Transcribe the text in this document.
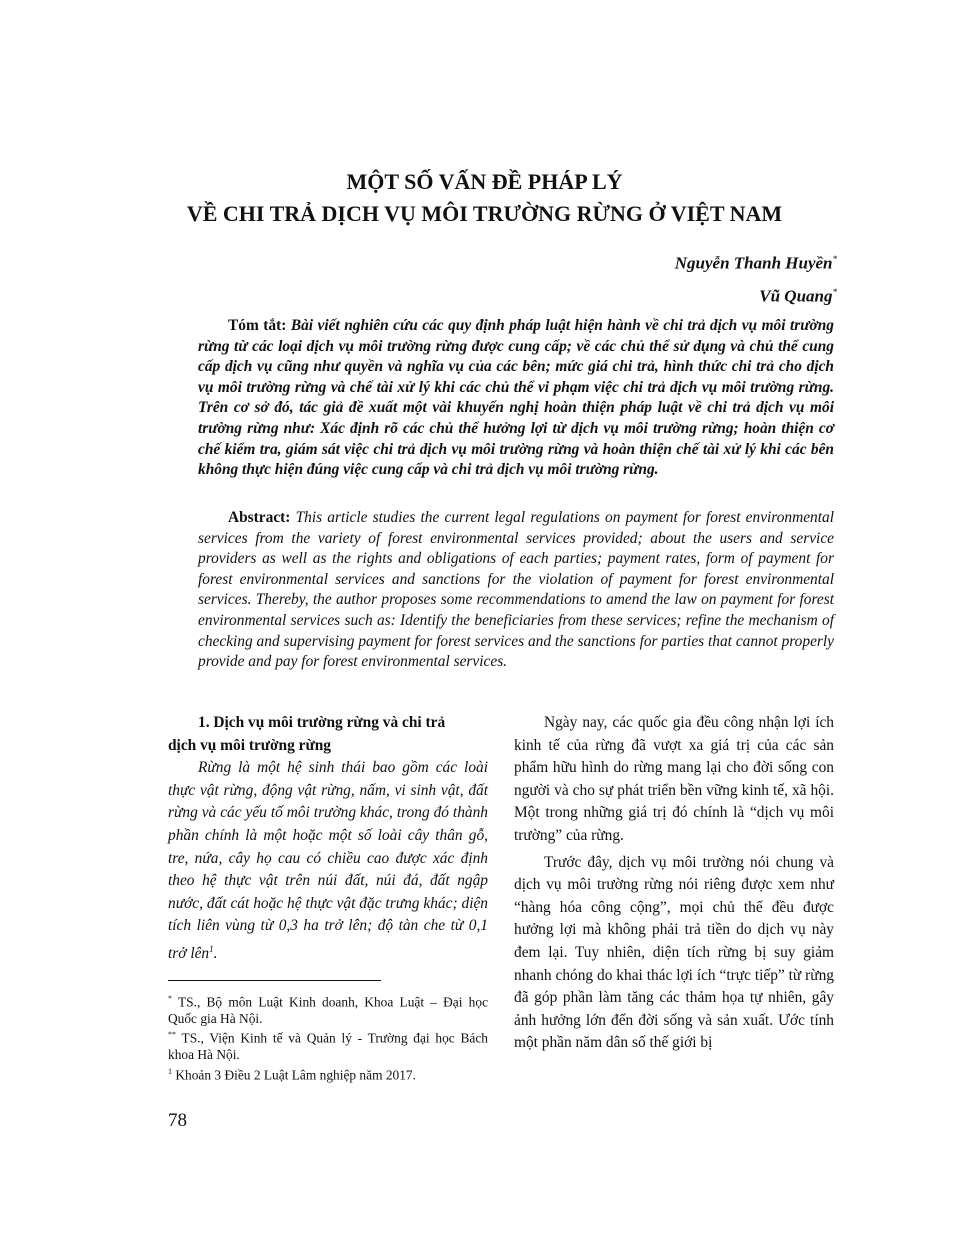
MỘT SỐ VẤN ĐỀ PHÁP LÝ
VỀ CHI TRẢ DỊCH VỤ MÔI TRƯỜNG RỪNG Ở VIỆT NAM
Nguyễn Thanh Huyền*
Vũ Quang*

Tóm tắt: Bài viết nghiên cứu các quy định pháp luật hiện hành về chi trả dịch vụ môi trường rừng từ các loại dịch vụ môi trường rừng được cung cấp; về các chủ thể sử dụng và chủ thể cung cấp dịch vụ cũng như quyền và nghĩa vụ của các bên; mức giá chi trả, hình thức chi trả cho dịch vụ môi trường rừng và chế tài xử lý khi các chủ thể vi phạm việc chi trả dịch vụ môi trường rừng. Trên cơ sở đó, tác giả đề xuất một vài khuyến nghị hoàn thiện pháp luật về chi trả dịch vụ môi trường rừng như: Xác định rõ các chủ thể hưởng lợi từ dịch vụ môi trường rừng; hoàn thiện cơ chế kiểm tra, giám sát việc chi trả dịch vụ môi trường rừng và hoàn thiện chế tài xử lý khi các bên không thực hiện đúng việc cung cấp và chi trả dịch vụ môi trường rừng.

Abstract: This article studies the current legal regulations on payment for forest environmental services from the variety of forest environmental services provided; about the users and service providers as well as the rights and obligations of each parties; payment rates, form of payment for forest environmental services and sanctions for the violation of payment for forest environmental services. Thereby, the author proposes some recommendations to amend the law on payment for forest environmental services such as: Identify the beneficiaries from these services; refine the mechanism of checking and supervising payment for forest services and the sanctions for parties that cannot properly provide and pay for forest environmental services.

1. Dịch vụ môi trường rừng và chi trả
dịch vụ môi trường rừng

Rừng là một hệ sinh thái bao gồm các loài thực vật rừng, động vật rừng, nấm, vi sinh vật, đất rừng và các yếu tố môi trường khác, trong đó thành phần chính là một hoặc một số loài cây thân gỗ, tre, nứa, cây họ cau có chiều cao được xác định theo hệ thực vật trên núi đất, núi đá, đất ngập nước, đất cát hoặc hệ thực vật đặc trưng khác; diện tích liên vùng từ 0,3 ha trở lên; độ tàn che từ 0,1 trở lên$^1$.

* TS., Bộ môn Luật Kinh doanh, Khoa Luật – Đại học Quốc gia Hà Nội.

** TS., Viện Kinh tế và Quản lý - Trường đại học Bách khoa Hà Nội.

$^1$ Khoản 3 Điều 2 Luật Lâm nghiệp năm 2017.

Ngày nay, các quốc gia đều công nhận lợi ích kinh tế của rừng đã vượt xa giá trị của các sản phẩm hữu hình do rừng mang lại cho đời sống con người và cho sự phát triển bền vững kinh tế, xã hội. Một trong những giá trị đó chính là “dịch vụ môi trường” của rừng.

Trước đây, dịch vụ môi trường nói chung và dịch vụ môi trường rừng nói riêng được xem như “hàng hóa công cộng”, mọi chủ thể đều được hưởng lợi mà không phải trả tiền do dịch vụ này đem lại. Tuy nhiên, diện tích rừng bị suy giảm nhanh chóng do khai thác lợi ích “trực tiếp” từ rừng đã góp phần làm tăng các thảm họa tự nhiên, gây ảnh hưởng lớn đến đời sống và sản xuất. Ước tính một phần năm dân số thế giới bị

78
